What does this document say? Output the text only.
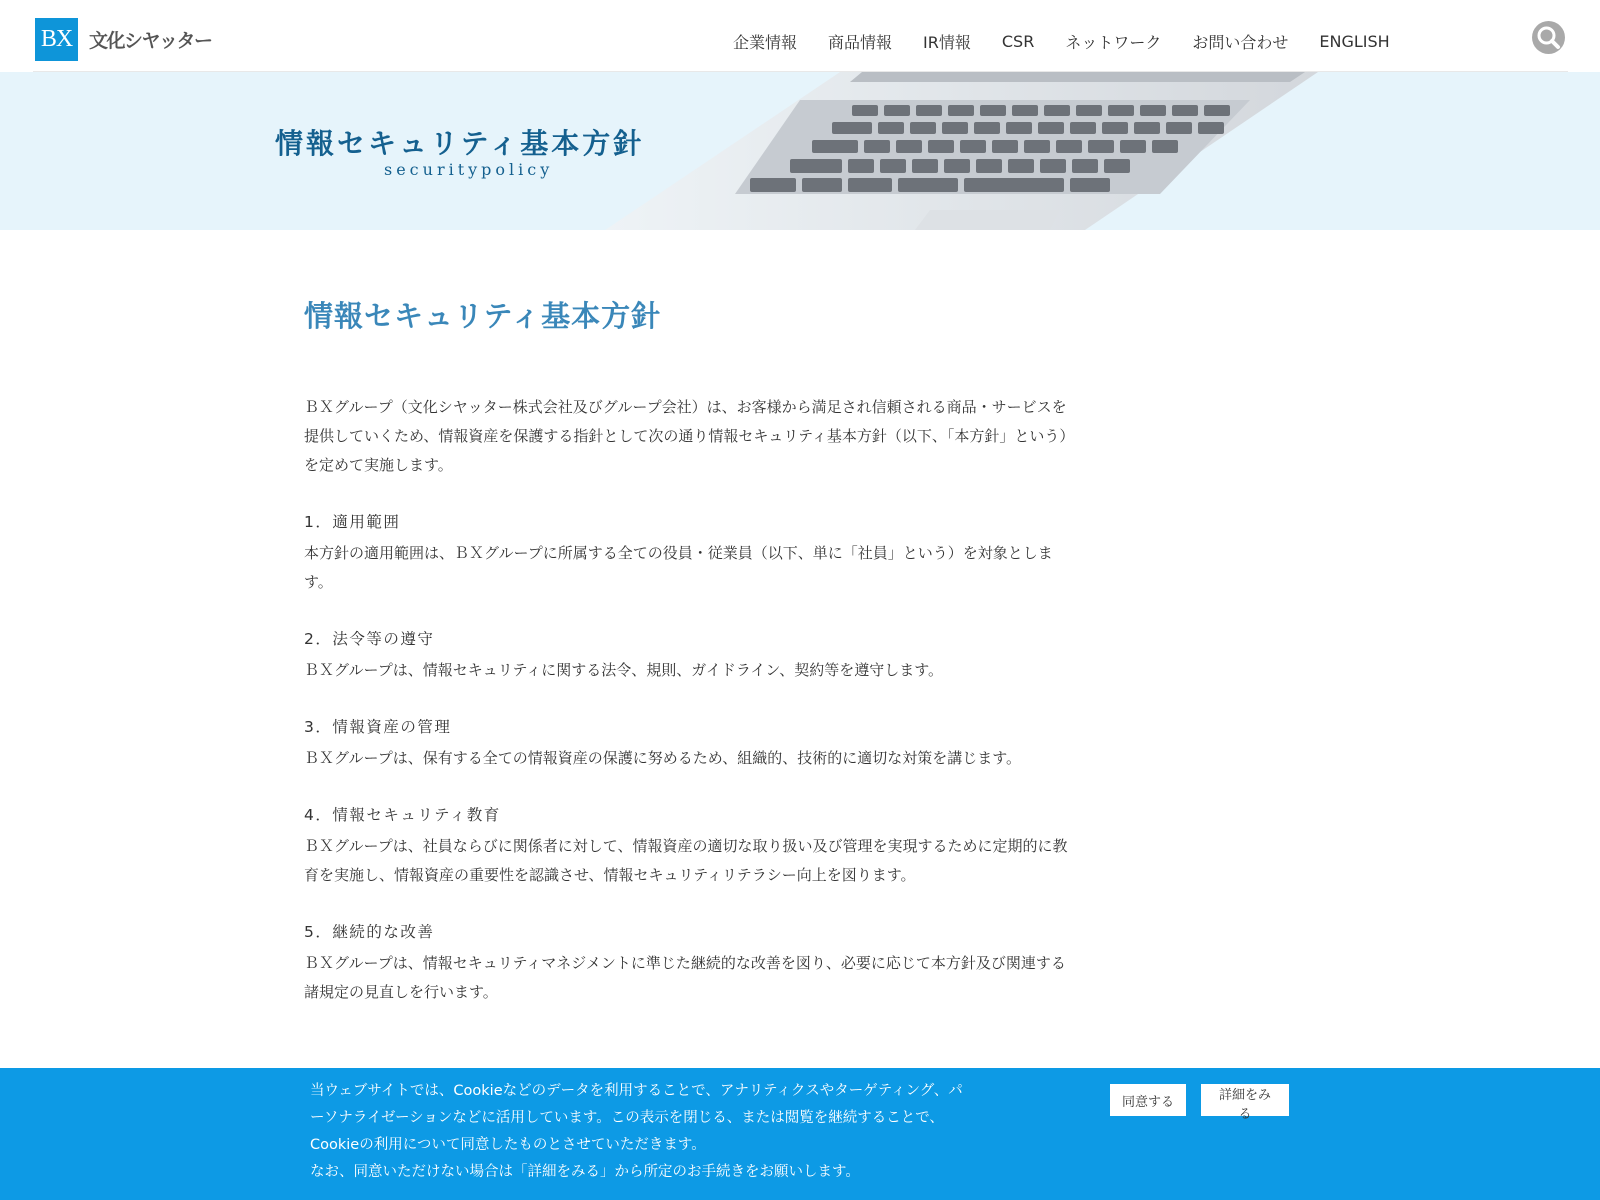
BX 文化シヤッター	企業情報 商品情報 IR情報 CSR ネットワーク お問い合わせ ENGLISH
情報セキュリティ基本方針
securitypolicy
情報セキュリティ基本方針

ＢＸグループ（文化シヤッター株式会社及びグループ会社）は、お客様から満足され信頼される商品・サービスを提供していくため、情報資産を保護する指針として次の通り情報セキュリティ基本方針（以下、「本方針」という）を定めて実施します。

1．適用範囲

本方針の適用範囲は、ＢＸグループに所属する全ての役員・従業員（以下、単に「社員」という）を対象とします。

2．法令等の遵守

ＢＸグループは、情報セキュリティに関する法令、規則、ガイドライン、契約等を遵守します。

3．情報資産の管理

ＢＸグループは、保有する全ての情報資産の保護に努めるため、組織的、技術的に適切な対策を講じます。

4．情報セキュリティ教育

ＢＸグループは、社員ならびに関係者に対して、情報資産の適切な取り扱い及び管理を実現するために定期的に教育を実施し、情報資産の重要性を認識させ、情報セキュリティリテラシー向上を図ります。

5．継続的な改善

ＢＸグループは、情報セキュリティマネジメントに準じた継続的な改善を図り、必要に応じて本方針及び関連する諸規定の見直しを行います。

当ウェブサイトでは、Cookieなどのデータを利用することで、アナリティクスやターゲティング、パ

ーソナライゼーションなどに活用しています。この表示を閉じる、または閲覧を継続することで、

Cookieの利用について同意したものとさせていただきます。

なお、同意いただけない場合は「詳細をみる」から所定のお手続きをお願いします。

同意する	詳細をみる
